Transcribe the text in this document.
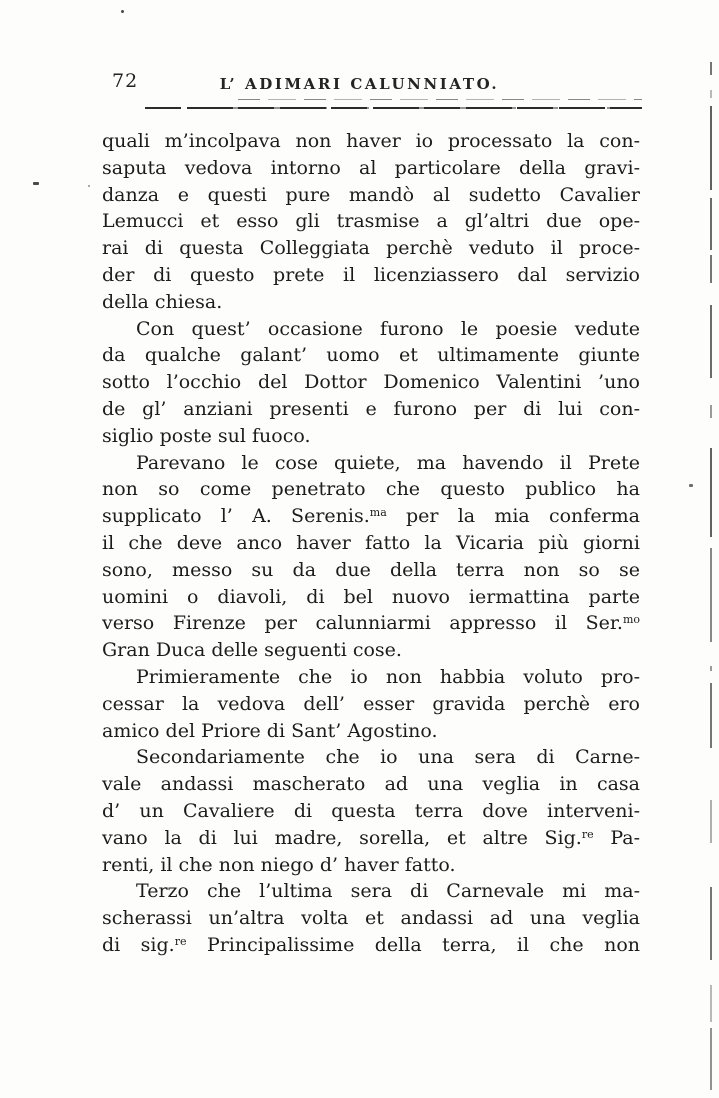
72	L’ ADIMARI CALUNNIATO.
quali m’incolpava non haver io processato la con-
saputa vedova intorno al particolare della gravi-
danza e questi pure mandò al sudetto Cavalier
Lemucci et esso gli trasmise a gl’altri due ope-
rai di questa Colleggiata perchè veduto il proce-
der di questo prete il licenziassero dal servizio
della chiesa.
Con quest’ occasione furono le poesie vedute
da qualche galant’ uomo et ultimamente giunte
sotto l’occhio del Dottor Domenico Valentini ’uno
de gl’ anziani presenti e furono per di lui con-
siglio poste sul fuoco.
Parevano le cose quiete, ma havendo il Prete
non so come penetrato che questo publico ha
supplicato l’ A. Serenis.$^{ma}$ per la mia conferma
il che deve anco haver fatto la Vicaria più giorni
sono, messo su da due della terra non so se
uomini o diavoli, di bel nuovo iermattina parte
verso Firenze per calunniarmi appresso il Ser.$^{mo}$
Gran Duca delle seguenti cose.
Primieramente che io non habbia voluto pro-
cessar la vedova dell’ esser gravida perchè ero
amico del Priore di Sant’ Agostino.
Secondariamente che io una sera di Carne-
vale andassi mascherato ad una veglia in casa
d’ un Cavaliere di questa terra dove interveni-
vano la di lui madre, sorella, et altre Sig.$^{re}$ Pa-
renti, il che non niego d’ haver fatto.
Terzo che l’ultima sera di Carnevale mi ma-
scherassi un’altra volta et andassi ad una veglia
di sig.$^{re}$ Principalissime della terra, il che non
